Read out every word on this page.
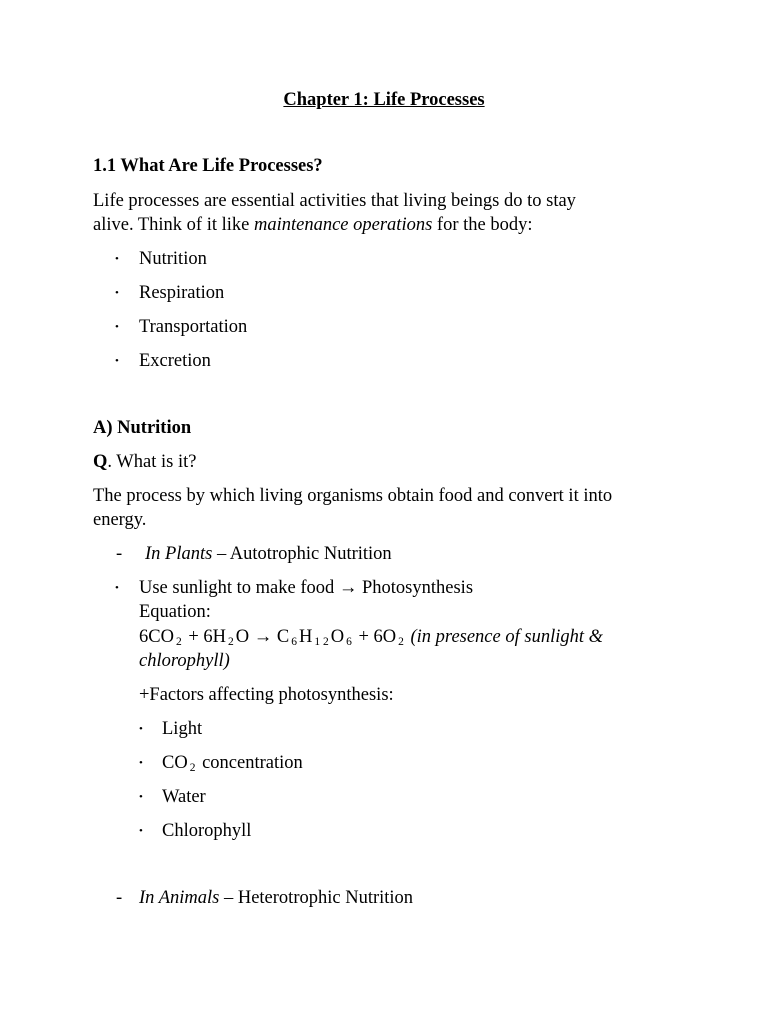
Chapter 1: Life Processes
1.1 What Are Life Processes?
Life processes are essential activities that living beings do to stay
alive. Think of it like maintenance operations for the body:
• Nutrition
• Respiration
• Transportation
• Excretion
A) Nutrition
Q. What is it?
The process by which living organisms obtain food and convert it into
energy.
- In Plants – Autotrophic Nutrition
• Use sunlight to make food → Photosynthesis
Equation:
6CO $_2$ + 6H $_2$ O → C $_6$ H $_{1 2}$ O $_6$ + 6O $_2$ (in presence of sunlight &
chlorophyll)
+Factors affecting photosynthesis:
• Light
• CO $_2$ concentration
• Water
• Chlorophyll
- In Animals – Heterotrophic Nutrition
